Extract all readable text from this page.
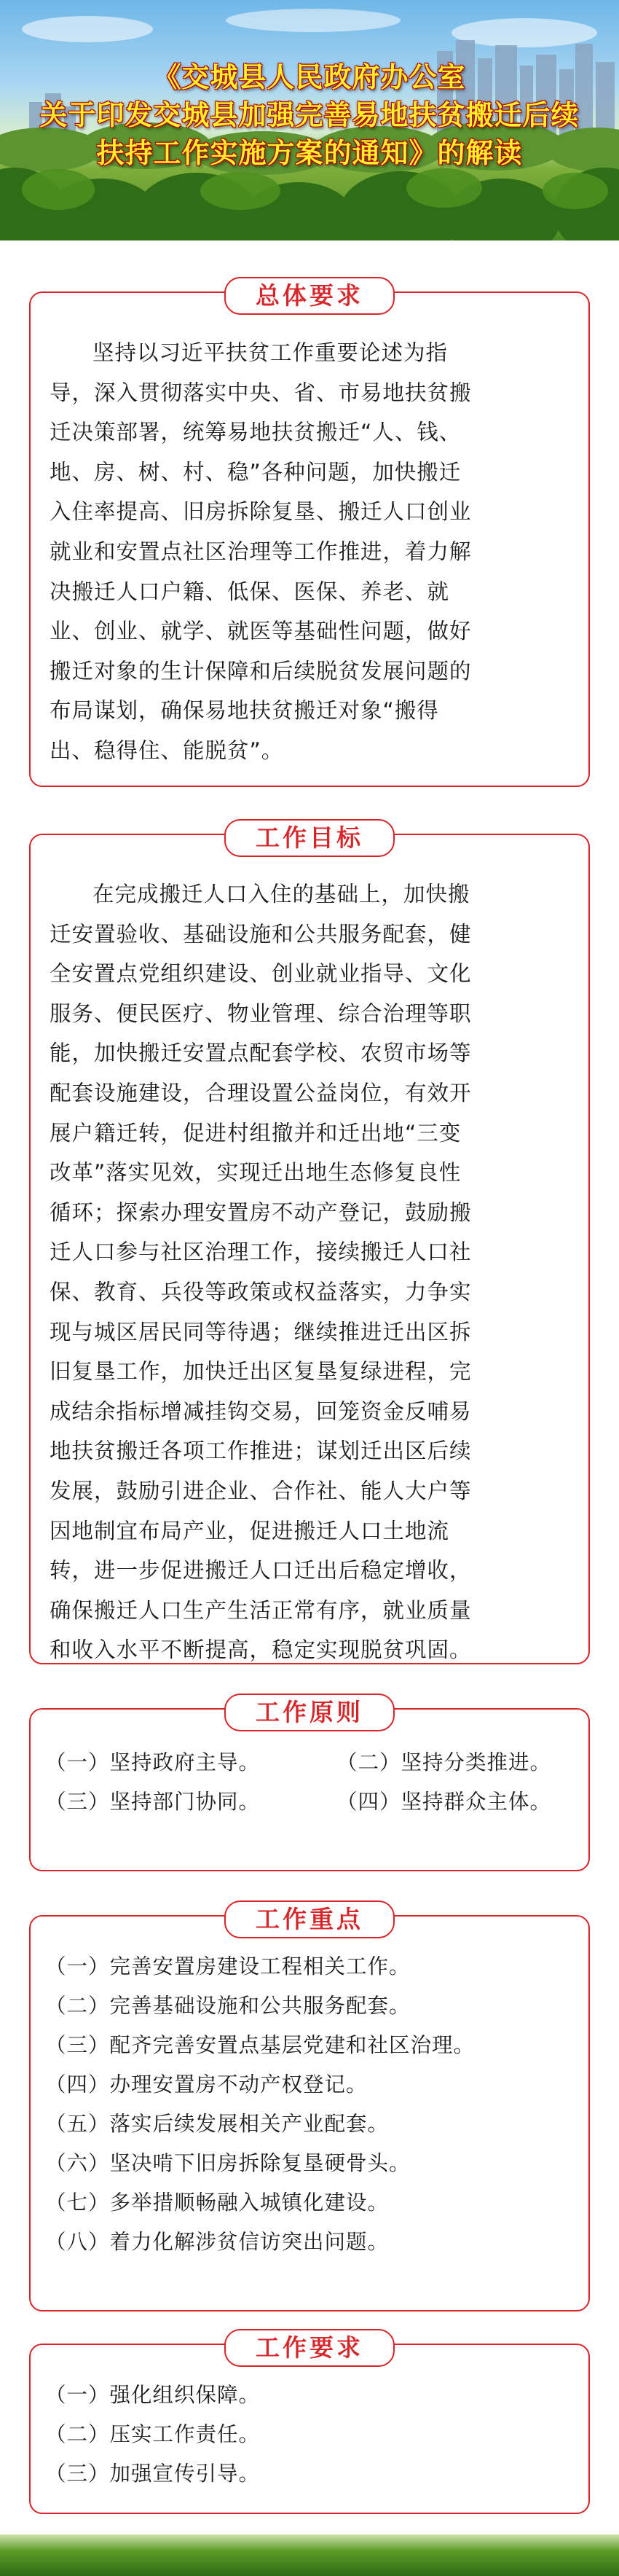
《交城县人民政府办公室
关于印发交城县加强完善易地扶贫搬迁后续
扶持工作实施方案的通知》的解读
总体要求
坚持以习近平扶贫工作重要论述为指
导，深入贯彻落实中央、省、市易地扶贫搬
迁决策部署，统筹易地扶贫搬迁“人、钱、
地、房、树、村、稳”各种问题，加快搬迁
入住率提高、旧房拆除复垦、搬迁人口创业
就业和安置点社区治理等工作推进，着力解
决搬迁人口户籍、低保、医保、养老、就
业、创业、就学、就医等基础性问题，做好
搬迁对象的生计保障和后续脱贫发展问题的
布局谋划，确保易地扶贫搬迁对象“搬得
出、稳得住、能脱贫”。
工作目标
在完成搬迁人口入住的基础上，加快搬
迁安置验收、基础设施和公共服务配套，健
全安置点党组织建设、创业就业指导、文化
服务、便民医疗、物业管理、综合治理等职
能，加快搬迁安置点配套学校、农贸市场等
配套设施建设，合理设置公益岗位，有效开
展户籍迁转，促进村组撤并和迁出地“三变
改革”落实见效，实现迁出地生态修复良性
循环；探索办理安置房不动产登记，鼓励搬
迁人口参与社区治理工作，接续搬迁人口社
保、教育、兵役等政策或权益落实，力争实
现与城区居民同等待遇；继续推进迁出区拆
旧复垦工作，加快迁出区复垦复绿进程，完
成结余指标增减挂钩交易，回笼资金反哺易
地扶贫搬迁各项工作推进；谋划迁出区后续
发展，鼓励引进企业、合作社、能人大户等
因地制宜布局产业，促进搬迁人口土地流
转，进一步促进搬迁人口迁出后稳定增收，
确保搬迁人口生产生活正常有序，就业质量
和收入水平不断提高，稳定实现脱贫巩固。
工作原则
（一）坚持政府主导。	（二）坚持分类推进。
（三）坚持部门协同。	（四）坚持群众主体。
工作重点
（一）完善安置房建设工程相关工作。
（二）完善基础设施和公共服务配套。
（三）配齐完善安置点基层党建和社区治理。
（四）办理安置房不动产权登记。
（五）落实后续发展相关产业配套。
（六）坚决啃下旧房拆除复垦硬骨头。
（七）多举措顺畅融入城镇化建设。
（八）着力化解涉贫信访突出问题。
工作要求
（一）强化组织保障。
（二）压实工作责任。
（三）加强宣传引导。
